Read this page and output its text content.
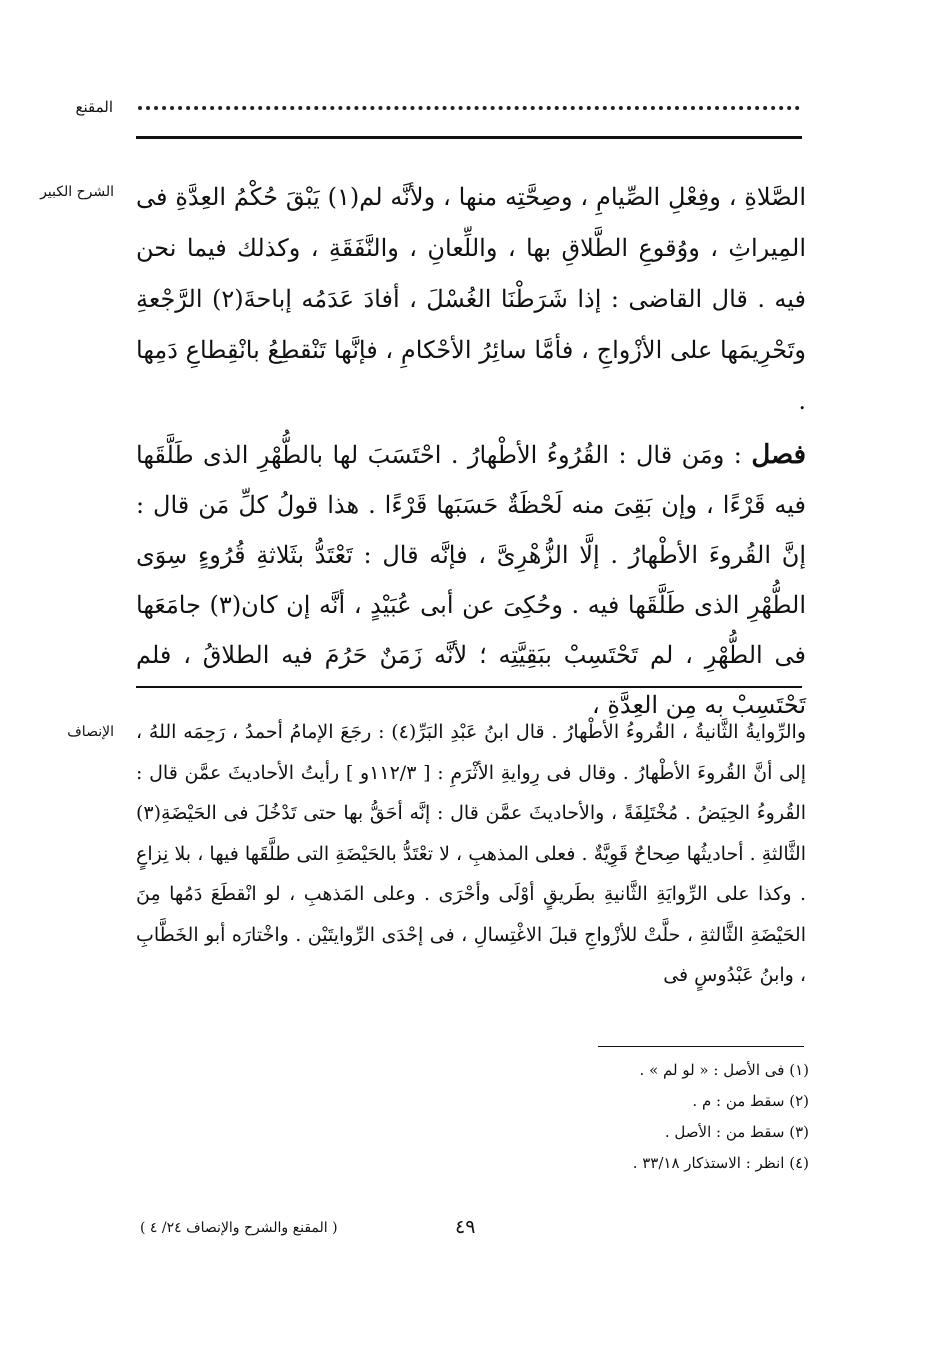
المقنع
الشرح الكبير الصَّلاةِ ، وفِعْلِ الصِّيامِ ، وصِحَّتِه منها ، ولأنَّه لم(١) يَبْقَ حُكْمُ العِدَّةِ فى المِيراثِ ، ووُقوعِ الطَّلاقِ بها ، واللِّعانِ ، والنَّفَقَةِ ، وكذلك فيما نحن فيه . قال القاضى : إذا شَرَطْنَا الغُسْلَ ، أفادَ عَدَمُه إباحةَ(٢) الرَّجْعةِ وتَحْرِيمَها على الأزْواجِ ، فأمَّا سائِرُ الأحْكامِ ، فإنَّها تَنْقطِعُ بانْقِطاعِ دَمِها .
فصل : ومَن قال : القُرُوءُ الأطْهارُ . احْتَسَبَ لها بالطُّهْرِ الذى طَلَّقَها فيه قَرْءًا ، وإن بَقِىَ منه لَحْظَةٌ حَسَبَها قَرْءًا . هذا قولُ كلِّ مَن قال : إنَّ القُروءَ الأطْهارُ . إلَّا الزُّهْرِىَّ ، فإنَّه قال : تَعْتَدُّ بثَلاثةِ قُرُوءٍ سِوَى الطُّهْرِ الذى طَلَّقَها فيه . وحُكِىَ عن أبى عُبَيْدٍ ، أنَّه إن كان(٣) جامَعَها فى الطُّهْرِ ، لم تَحْتَسِبْ ببَقِيَّتِه ؛ لأنَّه زَمَنٌ حَرُمَ فيه الطلاقُ ، فلم تَحْتَسِبْ به مِن العِدَّةِ ،
الإنصاف والرِّوايةُ الثَّانيةُ ، القُروءُ الأطْهارُ . قال ابنُ عَبْدِ البَرِّ(٤) : رجَعَ الإمامُ أحمدُ ، رَحِمَه اللهُ ، إلى أنَّ القُروءَ الأطْهارُ . وقال فى رِوايةِ الأثْرَمِ : [ ١١٢/٣و ] رأيتُ الأحاديثَ عمَّن قال : القُروءُ الحِيَضُ . مُخْتَلِفَةً ، والأحاديثَ عمَّن قال : إنَّه أحَقُّ بها حتى تَدْخُلَ فى الحَيْضَةِ(٣) الثَّالثةِ . أحاديثُها صِحاحٌ قَوِيَّةٌ . فعلى المذهبِ ، لا تعْتَدُّ بالحَيْضَةِ التى طلَّقَها فيها ، بلا نِزاعٍ . وكذا على الرِّوايَةِ الثَّانيةِ بطَريقٍ أوْلَى وأحْرَى . وعلى المَذهبِ ، لو انْقطَعَ دَمُها مِنَ الحَيْضَةِ الثَّالثةِ ، حلَّتْ للأزْواجِ قبلَ الاغْتِسالِ ، فى إحْدَى الرِّوايتَيْن . واخْتارَه أبو الخَطَّابِ ، وابنُ عَبْدُوسٍ فى
(١) فى الأصل : « لو لم » .
(٢) سقط من : م .
(٣) سقط من : الأصل .
(٤) انظر : الاستذكار ٣٣/١٨ .
٤٩
( المقنع والشرح والإنصاف ٢٤/ ٤ )
